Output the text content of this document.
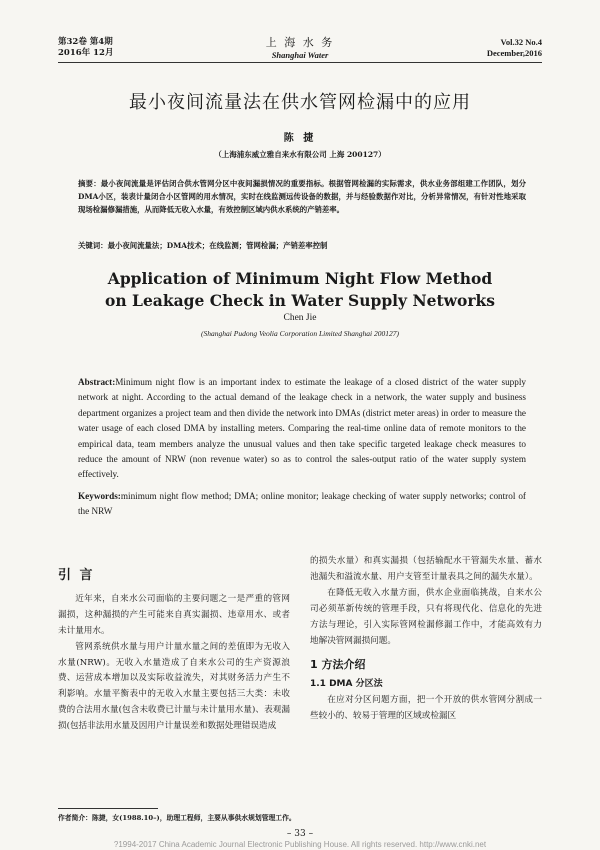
第32卷 第4期
2016年 12月
上 海 水 务
Shanghai Water
Vol.32 No.4
December,2016
最小夜间流量法在供水管网检漏中的应用
陈 捷
（上海浦东威立雅自来水有限公司 上海 200127）
摘要：最小夜间流量是评估闭合供水管网分区中夜间漏损情况的重要指标。根据管网检漏的实际需求，供水业务部组建工作团队，划分DMA小区，装表计量闭合小区管网的用水情况，实时在线监测远传设备的数据，并与经验数据作对比，分析异常情况，有针对性地采取现场检漏修漏措施，从而降低无收入水量，有效控制区域内供水系统的产销差率。
关键词：最小夜间流量法；DMA技术；在线监测；管网检漏；产销差率控制
Application of Minimum Night Flow Method
on Leakage Check in Water Supply Networks
Chen Jie
(Shanghai Pudong Veolia Corporation Limited Shanghai 200127)
Abstract:Minimum night flow is an important index to estimate the leakage of a closed district of the water supply network at night. According to the actual demand of the leakage check in a network, the water supply and business department organizes a project team and then divide the network into DMAs (district meter areas) in order to measure the water usage of each closed DMA by installing meters. Comparing the real-time online data of remote monitors to the empirical data, team members analyze the unusual values and then take specific targeted leakage check measures to reduce the amount of NRW (non revenue water) so as to control the sales-output ratio of the water supply system effectively.
Keywords:minimum night flow method; DMA; online monitor; leakage checking of water supply networks; control of the NRW
引 言

近年来，自来水公司面临的主要问题之一是严重的管网漏损，这种漏损的产生可能来自真实漏损、违章用水、或者未计量用水。

管网系统供水量与用户计量水量之间的差值即为无收入水量(NRW)。无收入水量造成了自来水公司的生产资源浪费、运营成本增加以及实际收益流失，对其财务活力产生不利影响。水量平衡表中的无收入水量主要包括三大类：未收费的合法用水量(包含未收费已计量与未计量用水量)、表观漏损(包括非法用水量及因用户计量误差和数据处理错误造成

的损失水量）和真实漏损（包括输配水干管漏失水量、蓄水池漏失和溢流水量、用户支管至计量表具之间的漏失水量）。

在降低无收入水量方面，供水企业面临挑战，自来水公司必须革新传统的管理手段，只有将现代化、信息化的先进方法与理论，引入实际管网检漏修漏工作中，才能高效有力地解决管网漏损问题。

1 方法介绍
1.1 DMA 分区法

在应对分区问题方面，把一个开放的供水管网分割成一些较小的、较易于管理的区域或检漏区

作者简介：陈捷，女(1988.10–)，助理工程师，主要从事供水规划管理工作。
– 33 –
?1994-2017 China Academic Journal Electronic Publishing House. All rights reserved. http://www.cnki.net
